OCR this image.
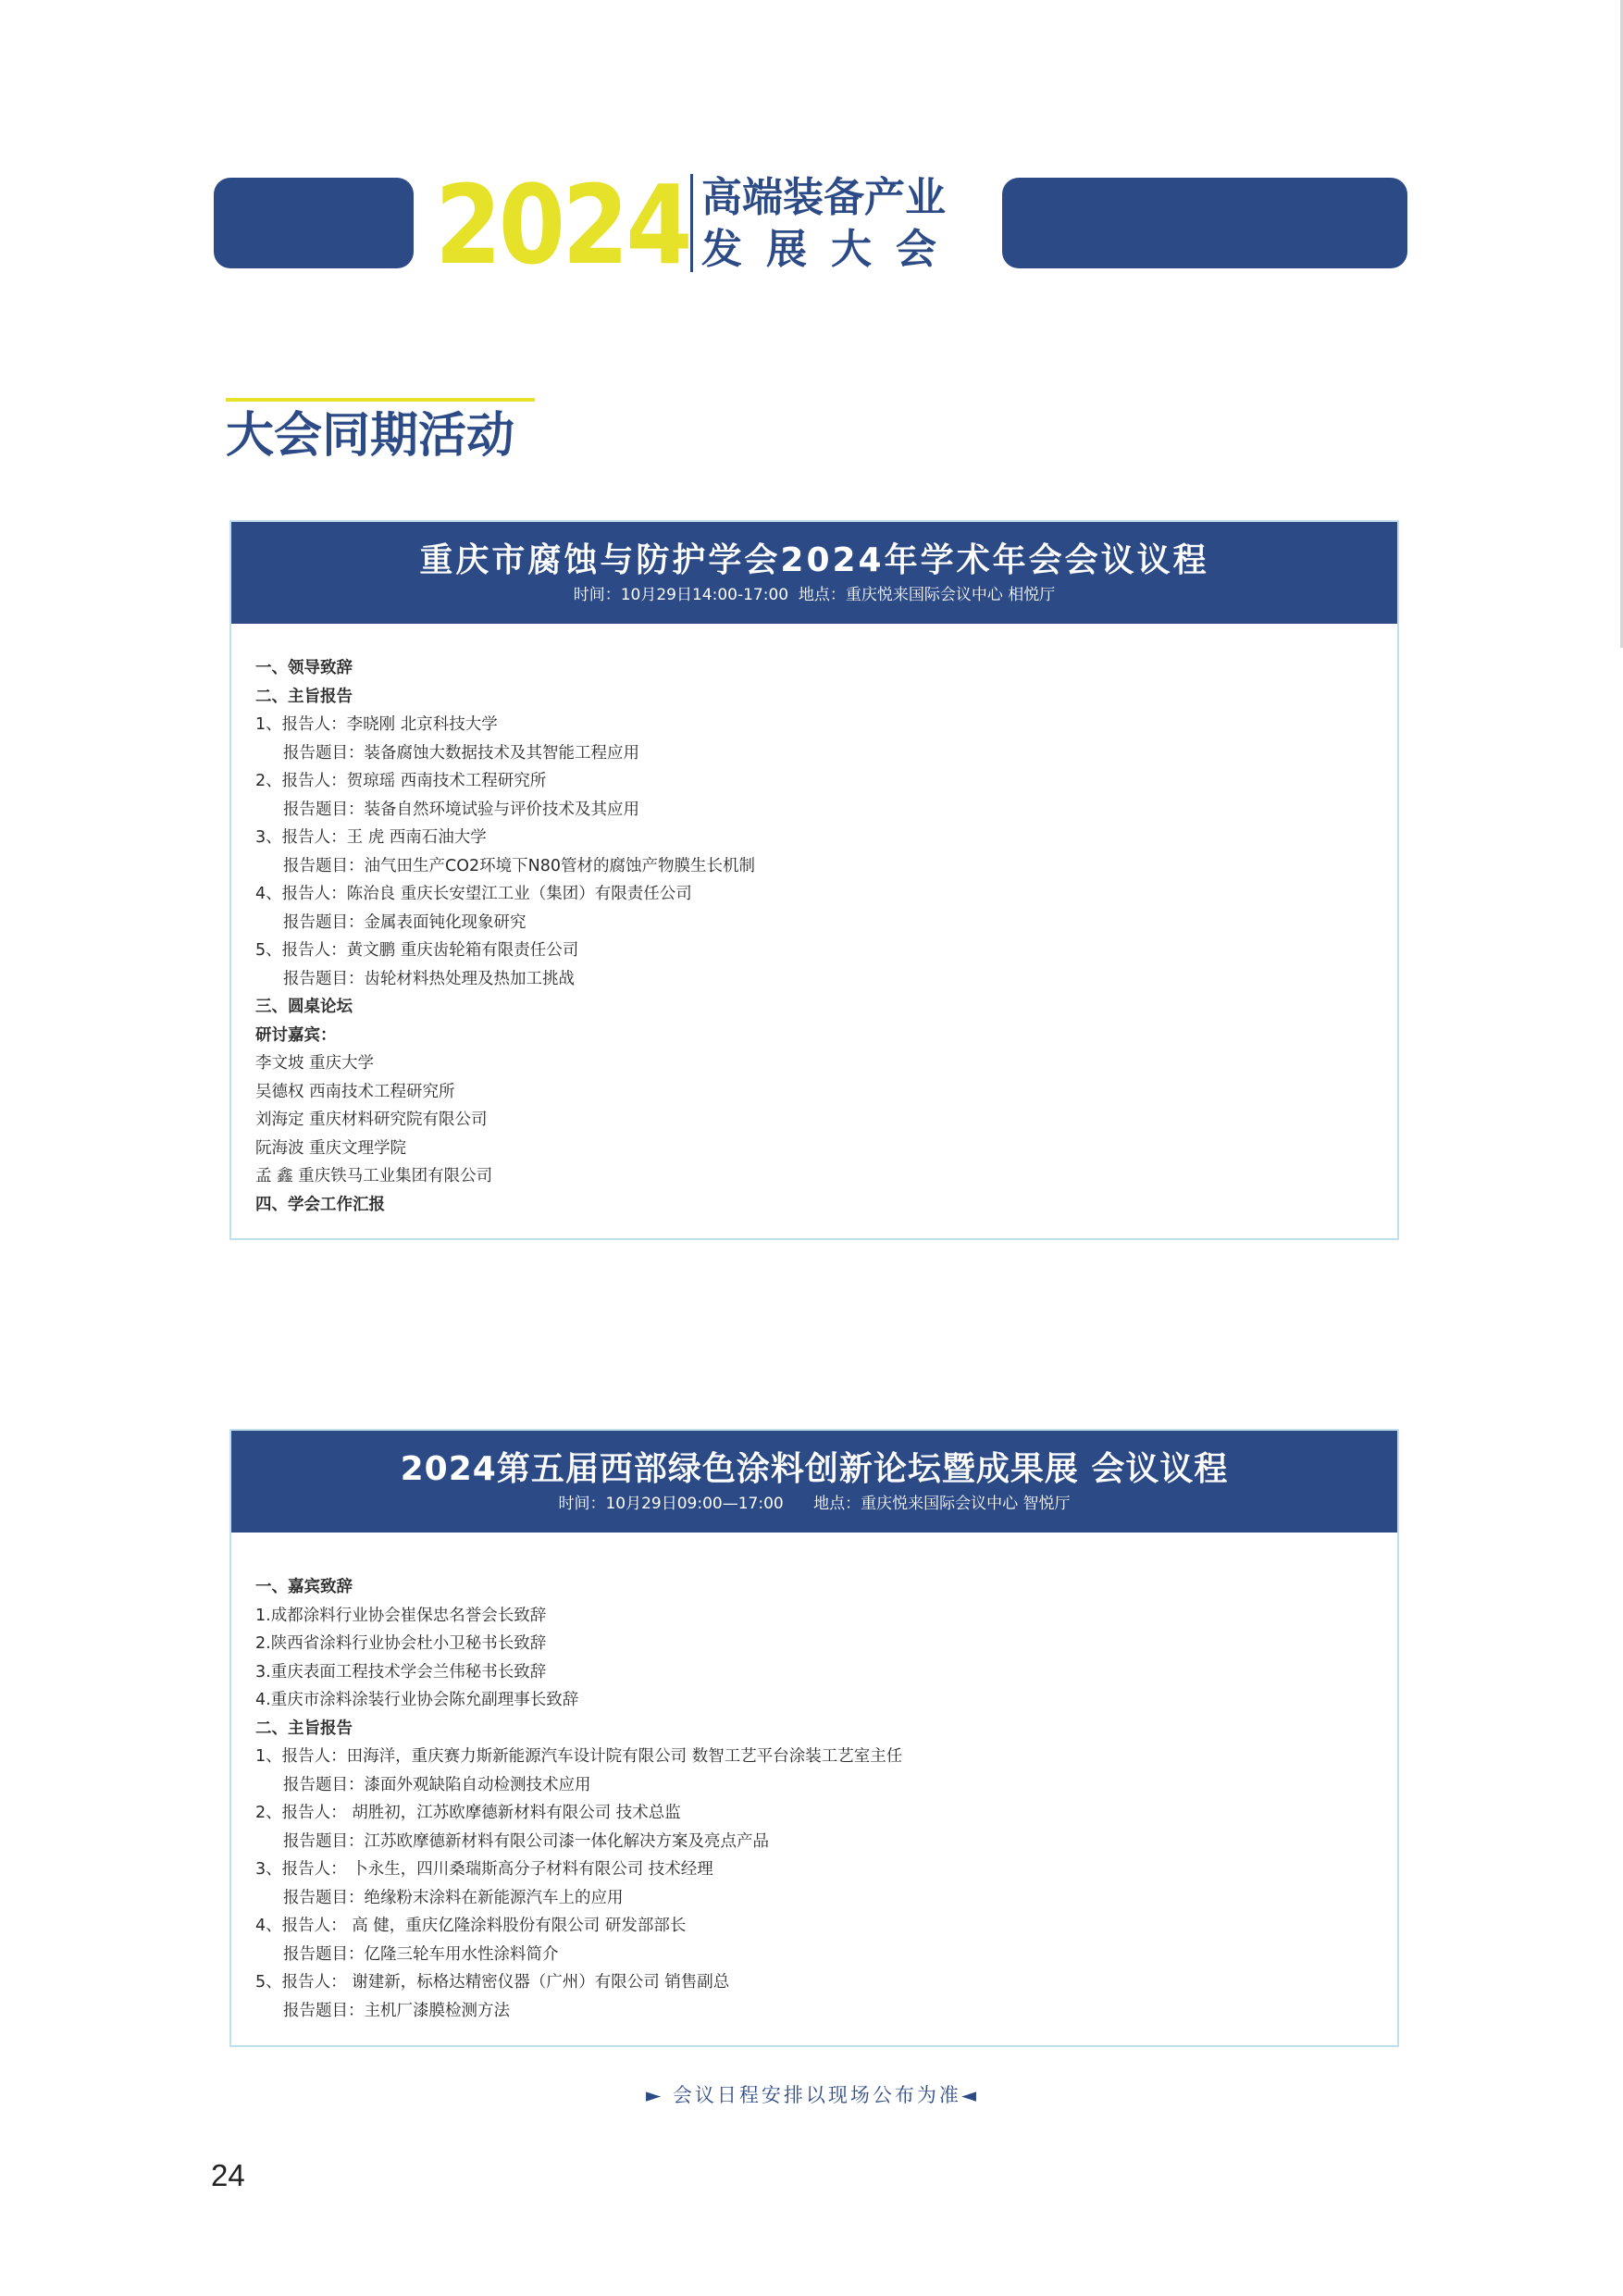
2024 高端装备产业
发展大会
大会同期活动
重庆市腐蚀与防护学会2024年学术年会会议议程
时间：10月29日14:00-17:00  地点：重庆悦来国际会议中心 相悦厅
一、领导致辞
二、主旨报告
1、报告人：李晓刚 北京科技大学
报告题目：装备腐蚀大数据技术及其智能工程应用
2、报告人：贺琼瑶 西南技术工程研究所
报告题目：装备自然环境试验与评价技术及其应用
3、报告人：王 虎 西南石油大学
报告题目：油气田生产CO2环境下N80管材的腐蚀产物膜生长机制
4、报告人：陈治良 重庆长安望江工业（集团）有限责任公司
报告题目：金属表面钝化现象研究
5、报告人：黄文鹏 重庆齿轮箱有限责任公司
报告题目：齿轮材料热处理及热加工挑战
三、圆桌论坛
研讨嘉宾：
李文坡 重庆大学
吴德权 西南技术工程研究所
刘海定 重庆材料研究院有限公司
阮海波 重庆文理学院
孟 鑫 重庆铁马工业集团有限公司
四、学会工作汇报
2024第五届西部绿色涂料创新论坛暨成果展 会议议程
时间：10月29日09:00—17:00      地点：重庆悦来国际会议中心 智悦厅
一、嘉宾致辞
1.成都涂料行业协会崔保忠名誉会长致辞
2.陕西省涂料行业协会杜小卫秘书长致辞
3.重庆表面工程技术学会兰伟秘书长致辞
4.重庆市涂料涂装行业协会陈允副理事长致辞
二、主旨报告
1、报告人：田海洋，重庆赛力斯新能源汽车设计院有限公司 数智工艺平台涂装工艺室主任
报告题目：漆面外观缺陷自动检测技术应用
2、报告人： 胡胜初，江苏欧摩德新材料有限公司 技术总监
报告题目：江苏欧摩德新材料有限公司漆一体化解决方案及亮点产品
3、报告人： 卜永生，四川桑瑞斯高分子材料有限公司 技术经理
报告题目：绝缘粉末涂料在新能源汽车上的应用
4、报告人： 高 健，重庆亿隆涂料股份有限公司 研发部部长
报告题目：亿隆三轮车用水性涂料简介
5、报告人： 谢建新，标格达精密仪器（广州）有限公司 销售副总
报告题目：主机厂漆膜检测方法
► 会议日程安排以现场公布为准◄
24
